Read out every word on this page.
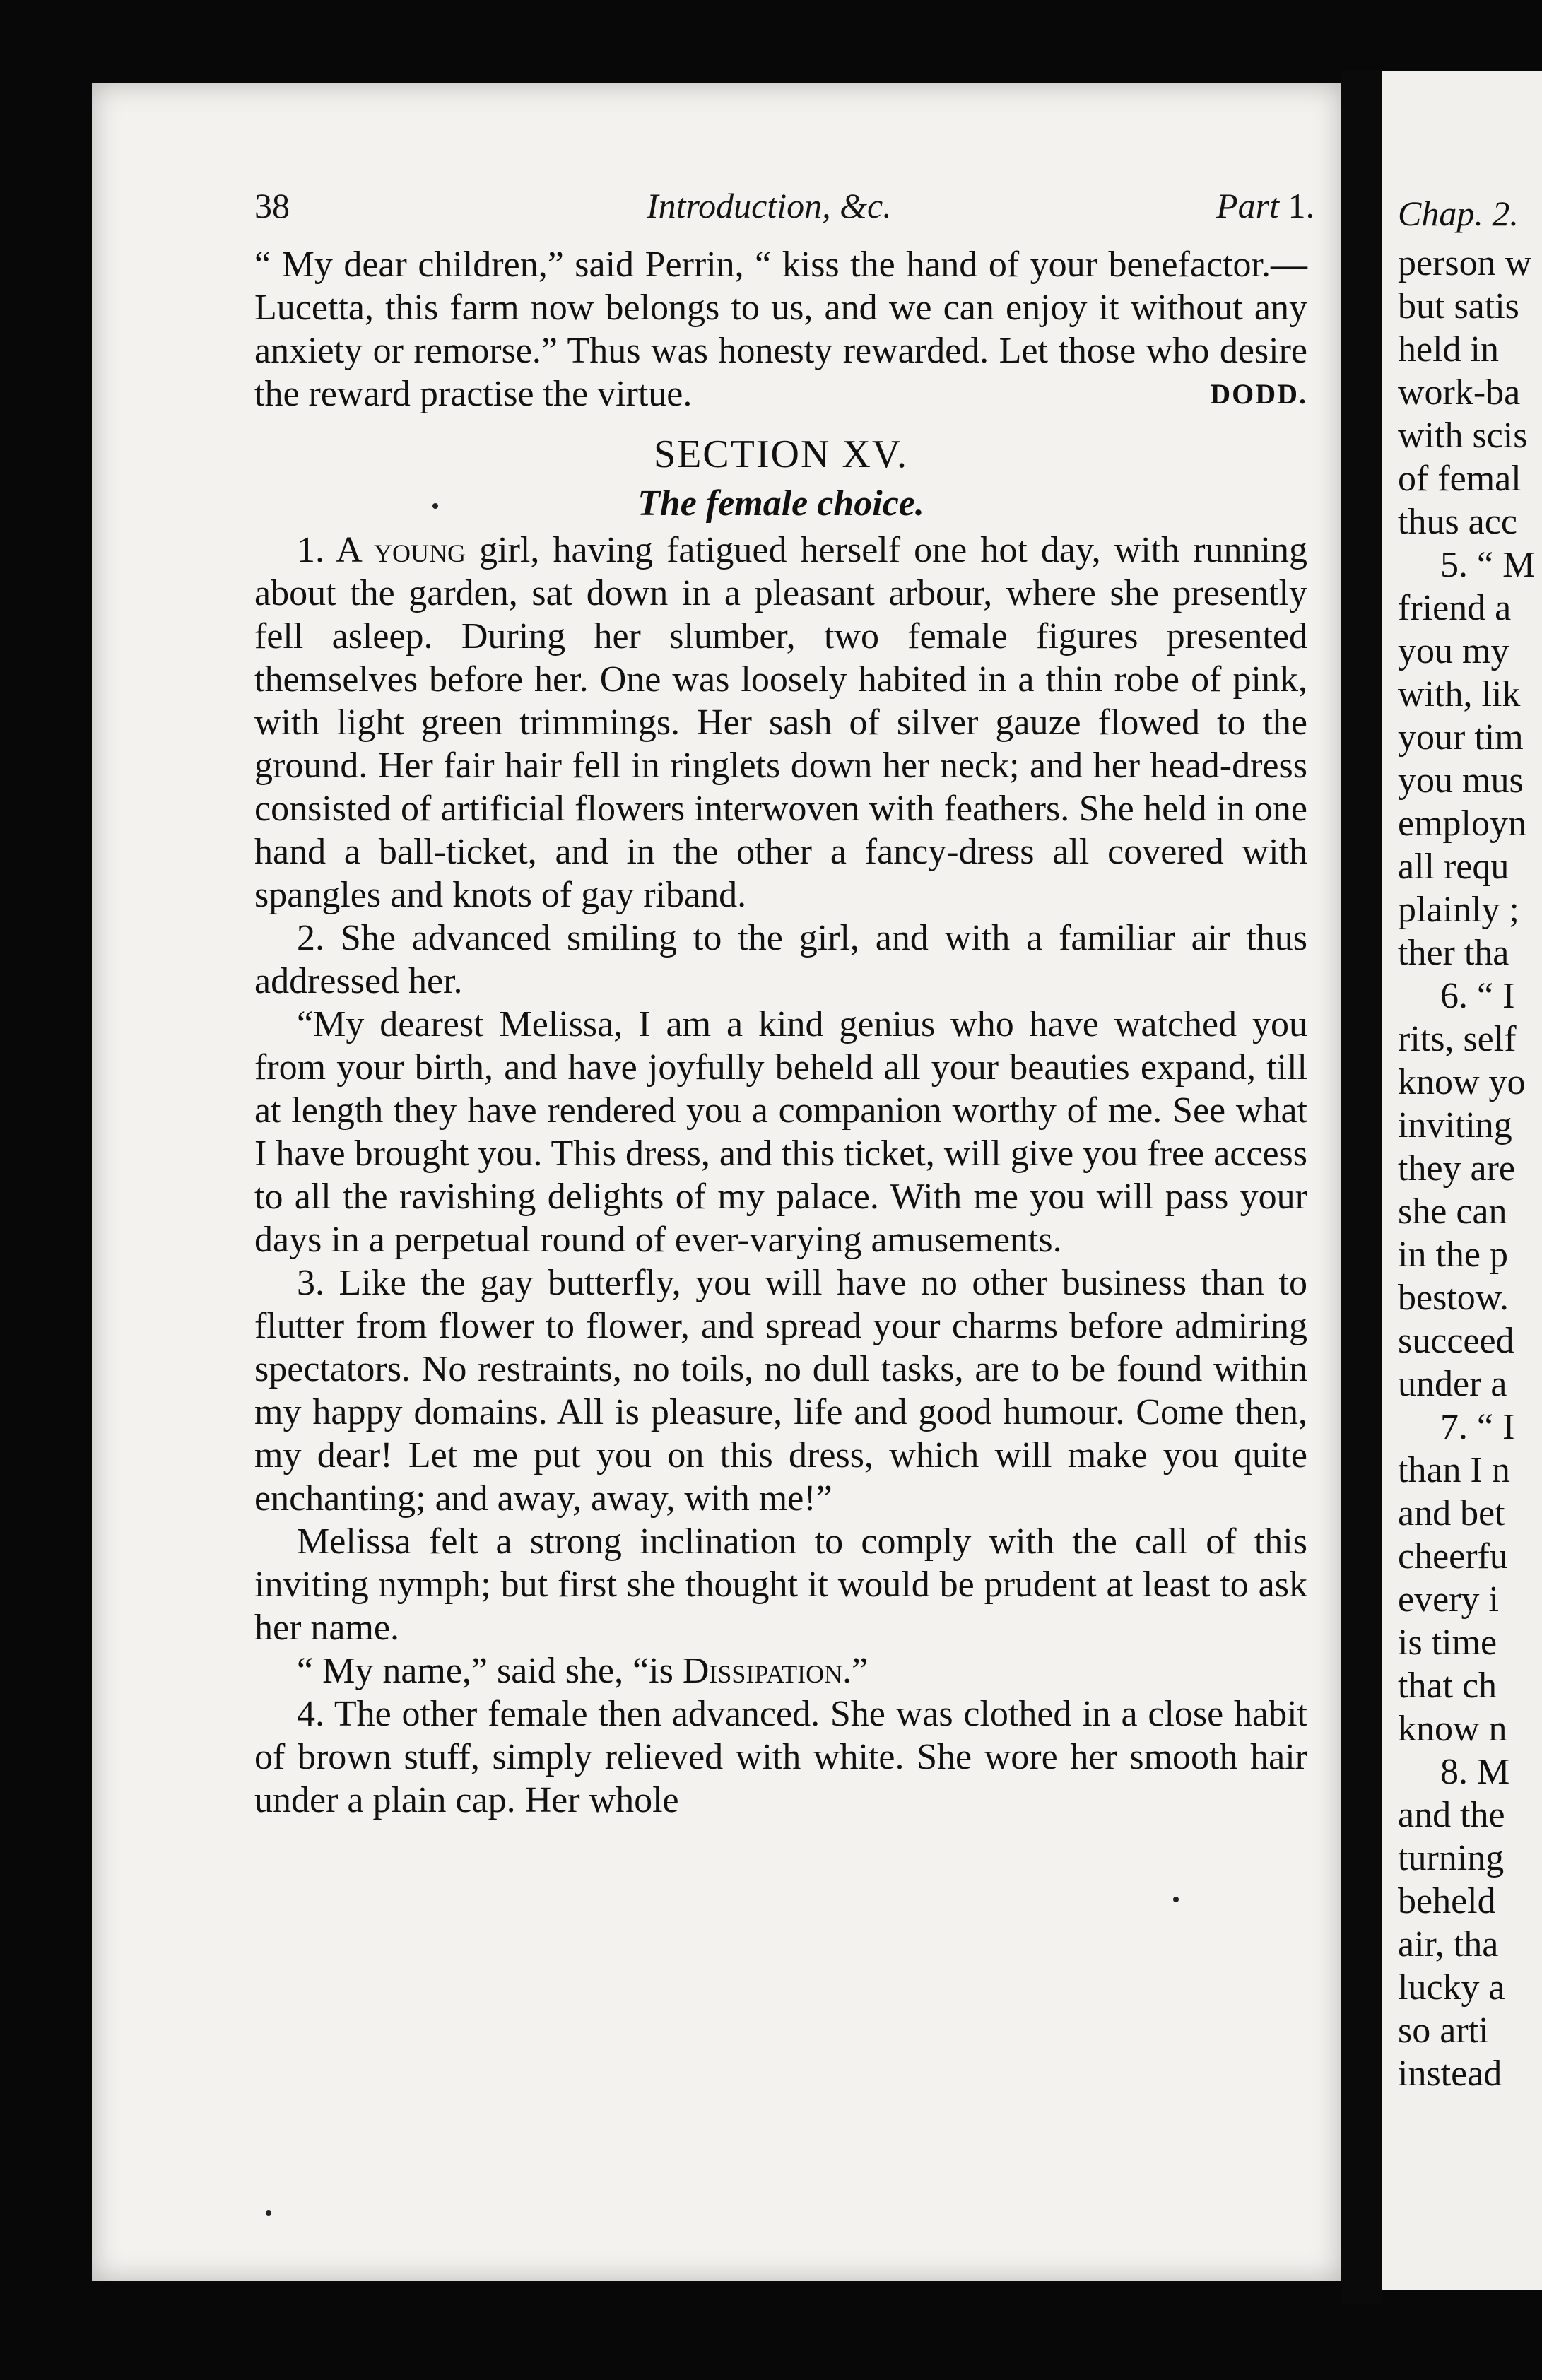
Chap. 2.
person w
but satis
held in
work-ba
with scis
of femal
thus acc
5. “ M
friend a
you my
with, lik
your tim
you mus
employn
all requ
plainly ;
ther tha
6. “ I
rits, self
know yo
inviting
they are
she can
in the p
bestow.
succeed
under a
7. “ I
than I n
and bet
cheerfu
every i
is time
that ch
know n
8. M
and the
turning
beheld
air, tha
lucky a
so arti
instead
38	Introduction, &c.	Part 1.

“ My dear children,” said Perrin, “ kiss the hand of your benefactor.—Lucetta, this farm now belongs to us, and we can enjoy it without any anxiety or remorse.” Thus was honesty rewarded. Let those who desire the reward practise the virtue.	DODD.

SECTION XV.

The female choice.

1. A young girl, having fatigued herself one hot day, with running about the garden, sat down in a pleasant arbour, where she presently fell asleep. During her slumber, two female figures presented themselves before her. One was loosely habited in a thin robe of pink, with light green trimmings. Her sash of silver gauze flowed to the ground. Her fair hair fell in ringlets down her neck; and her head-dress consisted of artificial flowers interwoven with feathers. She held in one hand a ball-ticket, and in the other a fancy-dress all covered with spangles and knots of gay riband.

2. She advanced smiling to the girl, and with a familiar air thus addressed her.

“My dearest Melissa, I am a kind genius who have watched you from your birth, and have joyfully beheld all your beauties expand, till at length they have rendered you a companion worthy of me. See what I have brought you. This dress, and this ticket, will give you free access to all the ravishing delights of my palace. With me you will pass your days in a perpetual round of ever-varying amusements.

3. Like the gay butterfly, you will have no other business than to flutter from flower to flower, and spread your charms before admiring spectators. No restraints, no toils, no dull tasks, are to be found within my happy domains. All is pleasure, life and good humour. Come then, my dear! Let me put you on this dress, which will make you quite enchanting; and away, away, with me!”

Melissa felt a strong inclination to comply with the call of this inviting nymph; but first she thought it would be prudent at least to ask her name.

“ My name,” said she, “is Dissipation.”

4. The other female then advanced. She was clothed in a close habit of brown stuff, simply relieved with white. She wore her smooth hair under a plain cap. Her whole
